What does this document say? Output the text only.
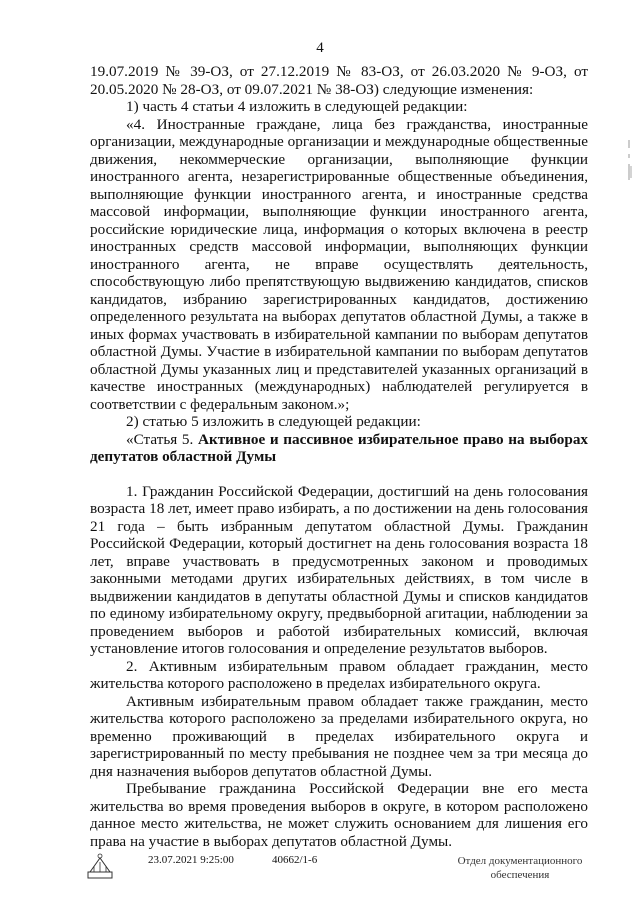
4

19.07.2019 № 39-ОЗ, от 27.12.2019 № 83-ОЗ, от 26.03.2020 № 9-ОЗ, от 20.05.2020 № 28-ОЗ, от 09.07.2021 № 38-ОЗ) следующие изменения:

1) часть 4 статьи 4 изложить в следующей редакции:

«4. Иностранные граждане, лица без гражданства, иностранные организации, международные организации и международные общественные движения, некоммерческие организации, выполняющие функции иностранного агента, незарегистрированные общественные объединения, выполняющие функции иностранного агента, и иностранные средства массовой информации, выполняющие функции иностранного агента, российские юридические лица, информация о которых включена в реестр иностранных средств массовой информации, выполняющих функции иностранного агента, не вправе осуществлять деятельность, способствующую либо препятствующую выдвижению кандидатов, списков кандидатов, избранию зарегистрированных кандидатов, достижению определенного результата на выборах депутатов областной Думы, а также в иных формах участвовать в избирательной кампании по выборам депутатов областной Думы. Участие в избирательной кампании по выборам депутатов областной Думы указанных лиц и представителей указанных организаций в качестве иностранных (международных) наблюдателей регулируется в соответствии с федеральным законом.»;

2) статью 5 изложить в следующей редакции:

«Статья 5. Активное и пассивное избирательное право на выборах депутатов областной Думы

1. Гражданин Российской Федерации, достигший на день голосования возраста 18 лет, имеет право избирать, а по достижении на день голосования 21 года – быть избранным депутатом областной Думы. Гражданин Российской Федерации, который достигнет на день голосования возраста 18 лет, вправе участвовать в предусмотренных законом и проводимых законными методами других избирательных действиях, в том числе в выдвижении кандидатов в депутаты областной Думы и списков кандидатов по единому избирательному округу, предвыборной агитации, наблюдении за проведением выборов и работой избирательных комиссий, включая установление итогов голосования и определение результатов выборов.

2. Активным избирательным правом обладает гражданин, место жительства которого расположено в пределах избирательного округа.

Активным избирательным правом обладает также гражданин, место жительства которого расположено за пределами избирательного округа, но временно проживающий в пределах избирательного округа и зарегистрированный по месту пребывания не позднее чем за три месяца до дня назначения выборов депутатов областной Думы.

Пребывание гражданина Российской Федерации вне его места жительства во время проведения выборов в округе, в котором расположено данное место жительства, не может служить основанием для лишения его права на участие в выборах депутатов областной Думы.

23.07.2021 9:25:00	40662/1-6	Отдел документационного
обеспечения
